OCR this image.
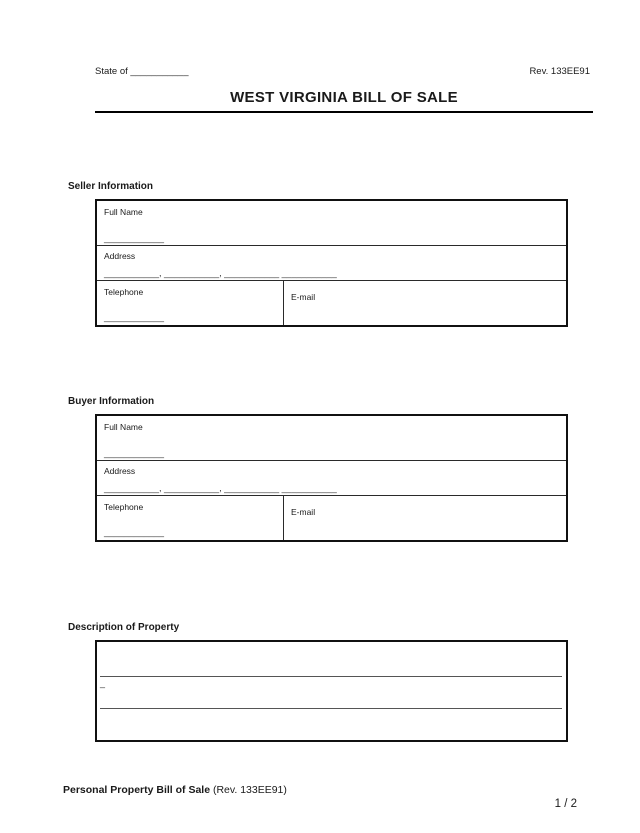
State of ___________	Rev. 133EE91
WEST VIRGINIA BILL OF SALE
Seller Information
Full Name
____________
Address
___________, ___________, ___________ ___________
Telephone
____________
E-mail
Buyer Information
Full Name
____________
Address
___________, ___________, ___________ ___________
Telephone
____________
E-mail
Description of Property
_
Personal Property Bill of Sale (Rev. 133EE91)
1 / 2
